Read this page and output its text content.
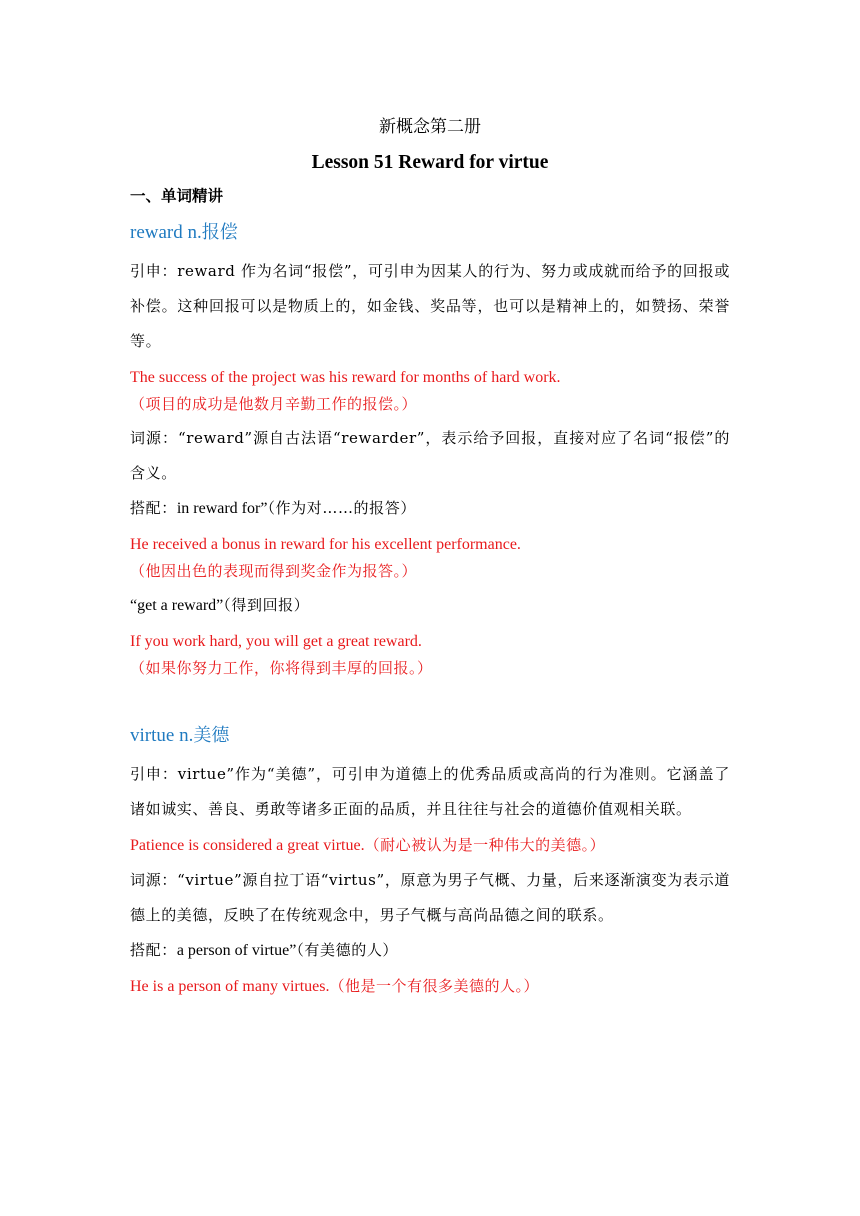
新概念第二册

Lesson 51 Reward for virtue

一、单词精讲

reward n.报偿

引申：reward 作为名词“报偿”，可引申为因某人的行为、努力或成就而给予的回报或补偿。这种回报可以是物质上的，如金钱、奖品等，也可以是精神上的，如赞扬、荣誉等。

The success of the project was his reward for months of hard work.

（项目的成功是他数月辛勤工作的报偿。）

词源：“reward”源自古法语“rewarder”，表示给予回报，直接对应了名词“报偿”的含义。

搭配：in reward for”（作为对……的报答）

He received a bonus in reward for his excellent performance.

（他因出色的表现而得到奖金作为报答。）

“get a reward”（得到回报）

If you work hard, you will get a great reward.

（如果你努力工作，你将得到丰厚的回报。）

virtue n.美德

引申：virtue”作为“美德”，可引申为道德上的优秀品质或高尚的行为准则。它涵盖了诸如诚实、善良、勇敢等诸多正面的品质，并且往往与社会的道德价值观相关联。

Patience is considered a great virtue.（耐心被认为是一种伟大的美德。）

词源：“virtue”源自拉丁语“virtus”，原意为男子气概、力量，后来逐渐演变为表示道德上的美德，反映了在传统观念中，男子气概与高尚品德之间的联系。

搭配：a person of virtue”（有美德的人）

He is a person of many virtues.（他是一个有很多美德的人。）
